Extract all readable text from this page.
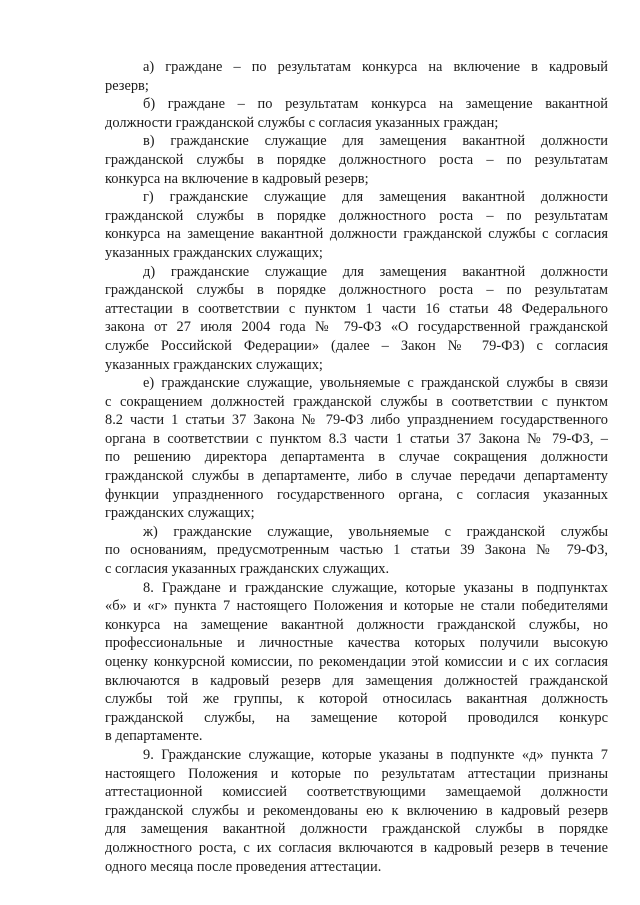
а) граждане – по результатам конкурса на включение в кадровый
резерв;
б) граждане – по результатам конкурса на замещение вакантной
должности гражданской службы с согласия указанных граждан;
в) гражданские служащие для замещения вакантной должности
гражданской службы в порядке должностного роста – по результатам
конкурса на включение в кадровый резерв;
г) гражданские служащие для замещения вакантной должности
гражданской службы в порядке должностного роста – по результатам
конкурса на замещение вакантной должности гражданской службы с согласия
указанных гражданских служащих;
д) гражданские служащие для замещения вакантной должности
гражданской службы в порядке должностного роста – по результатам
аттестации в соответствии с пунктом 1 части 16 статьи 48 Федерального
закона от 27 июля 2004 года № 79-ФЗ «О государственной гражданской
службе Российской Федерации» (далее – Закон № 79-ФЗ) с согласия
указанных гражданских служащих;
е) гражданские служащие, увольняемые с гражданской службы в связи
с сокращением должностей гражданской службы в соответствии с пунктом
8.2 части 1 статьи 37 Закона № 79-ФЗ либо упразднением государственного
органа в соответствии с пунктом 8.3 части 1 статьи 37 Закона № 79-ФЗ, –
по решению директора департамента в случае сокращения должности
гражданской службы в департаменте, либо в случае передачи департаменту
функции упраздненного государственного органа, с согласия указанных
гражданских служащих;
ж) гражданские служащие, увольняемые с гражданской службы
по основаниям, предусмотренным частью 1 статьи 39 Закона № 79-ФЗ,
с согласия указанных гражданских служащих.
8. Граждане и гражданские служащие, которые указаны в подпунктах
«б» и «г» пункта 7 настоящего Положения и которые не стали победителями
конкурса на замещение вакантной должности гражданской службы, но
профессиональные и личностные качества которых получили высокую
оценку конкурсной комиссии, по рекомендации этой комиссии и с их согласия
включаются в кадровый резерв для замещения должностей гражданской
службы той же группы, к которой относилась вакантная должность
гражданской службы, на замещение которой проводился конкурс
в департаменте.
9. Гражданские служащие, которые указаны в подпункте «д» пункта 7
настоящего Положения и которые по результатам аттестации признаны
аттестационной комиссией соответствующими замещаемой должности
гражданской службы и рекомендованы ею к включению в кадровый резерв
для замещения вакантной должности гражданской службы в порядке
должностного роста, с их согласия включаются в кадровый резерв в течение
одного месяца после проведения аттестации.
